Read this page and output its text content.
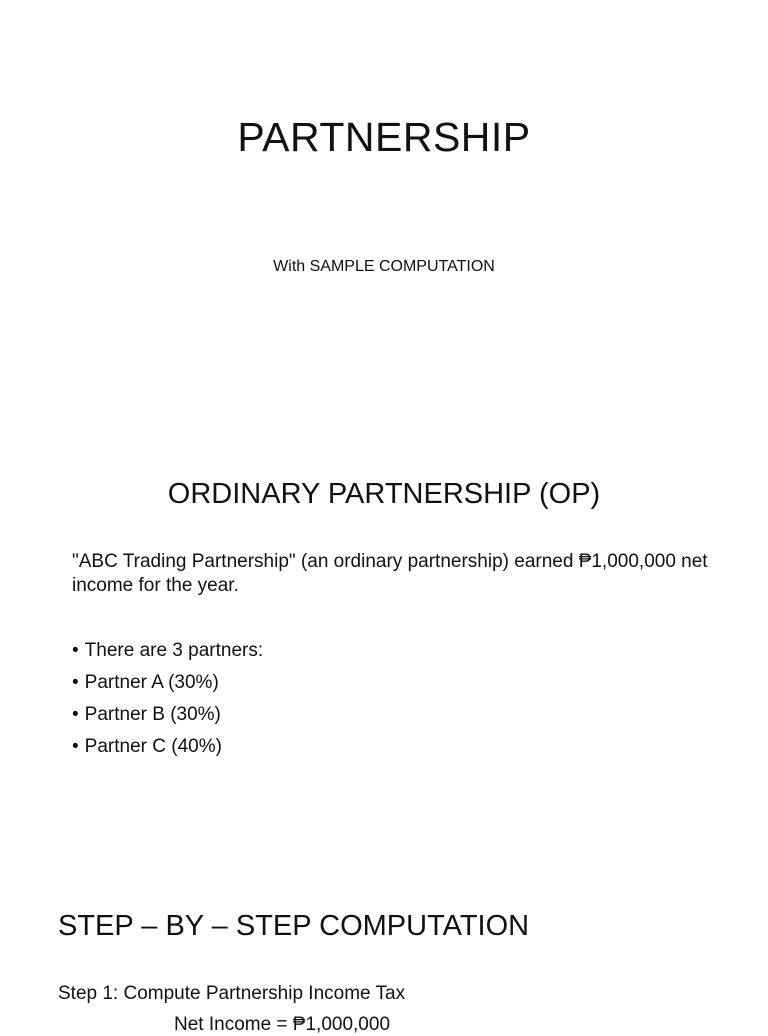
PARTNERSHIP
With SAMPLE COMPUTATION
ORDINARY PARTNERSHIP (OP)
"ABC Trading Partnership" (an ordinary partnership) earned ₱1,000,000 net income for the year.
• There are 3 partners:
• Partner A (30%)
• Partner B (30%)
• Partner C (40%)
STEP – BY – STEP COMPUTATION
Step 1: Compute Partnership Income Tax
Net Income = ₱1,000,000
